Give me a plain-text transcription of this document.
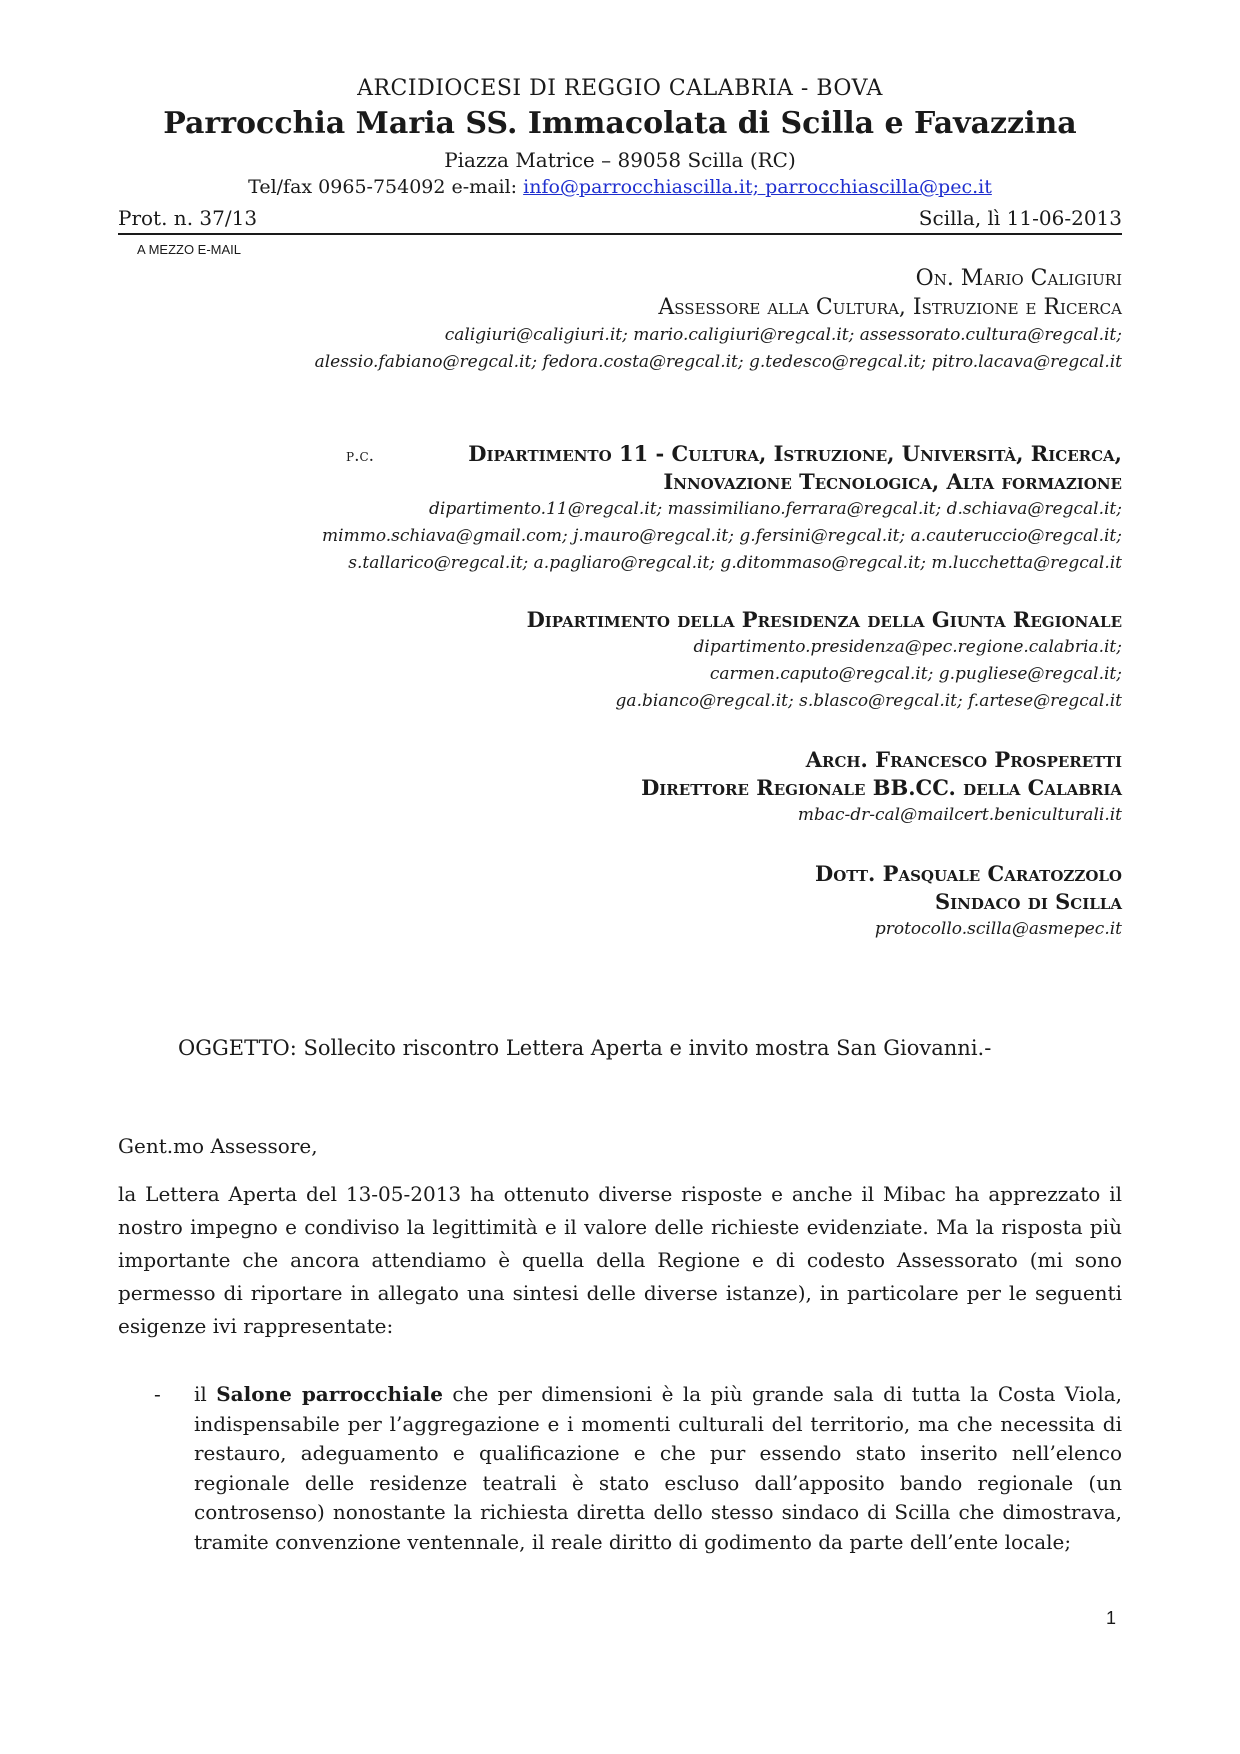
ARCIDIOCESI DI REGGIO CALABRIA - BOVA
Parrocchia Maria SS. Immacolata di Scilla e Favazzina
Piazza Matrice – 89058 Scilla (RC)
Tel/fax 0965-754092 e-mail: info@parrocchiascilla.it; parrocchiascilla@pec.it
Prot. n. 37/13	Scilla, lì 11-06-2013
A MEZZO E-MAIL
On. Mario Caligiuri
Assessore alla Cultura, Istruzione e Ricerca
caligiuri@caligiuri.it; mario.caligiuri@regcal.it; assessorato.cultura@regcal.it;
alessio.fabiano@regcal.it; fedora.costa@regcal.it; g.tedesco@regcal.it; pitro.lacava@regcal.it
p.c.	Dipartimento 11 - Cultura, Istruzione, Università, Ricerca,
Innovazione Tecnologica, Alta formazione
dipartimento.11@regcal.it; massimiliano.ferrara@regcal.it; d.schiava@regcal.it;
mimmo.schiava@gmail.com; j.mauro@regcal.it; g.fersini@regcal.it; a.cauteruccio@regcal.it;
s.tallarico@regcal.it; a.pagliaro@regcal.it; g.ditommaso@regcal.it; m.lucchetta@regcal.it
Dipartimento della Presidenza della Giunta Regionale
dipartimento.presidenza@pec.regione.calabria.it;
carmen.caputo@regcal.it; g.pugliese@regcal.it;
ga.bianco@regcal.it; s.blasco@regcal.it; f.artese@regcal.it
Arch. Francesco Prosperetti
Direttore Regionale BB.CC. della Calabria
mbac-dr-cal@mailcert.beniculturali.it
Dott. Pasquale Caratozzolo
Sindaco di Scilla
protocollo.scilla@asmepec.it
OGGETTO: Sollecito riscontro Lettera Aperta e invito mostra San Giovanni.-
Gent.mo Assessore,
la Lettera Aperta del 13-05-2013 ha ottenuto diverse risposte e anche il Mibac ha apprezzato il nostro impegno e condiviso la legittimità e il valore delle richieste evidenziate. Ma la risposta più importante che ancora attendiamo è quella della Regione e di codesto Assessorato (mi sono permesso di riportare in allegato una sintesi delle diverse istanze), in particolare per le seguenti esigenze ivi rappresentate:
- il Salone parrocchiale che per dimensioni è la più grande sala di tutta la Costa Viola, indispensabile per l’aggregazione e i momenti culturali del territorio, ma che necessita di restauro, adeguamento e qualificazione e che pur essendo stato inserito nell’elenco regionale delle residenze teatrali è stato escluso dall’apposito bando regionale (un controsenso) nonostante la richiesta diretta dello stesso sindaco di Scilla che dimostrava, tramite convenzione ventennale, il reale diritto di godimento da parte dell’ente locale;
1
